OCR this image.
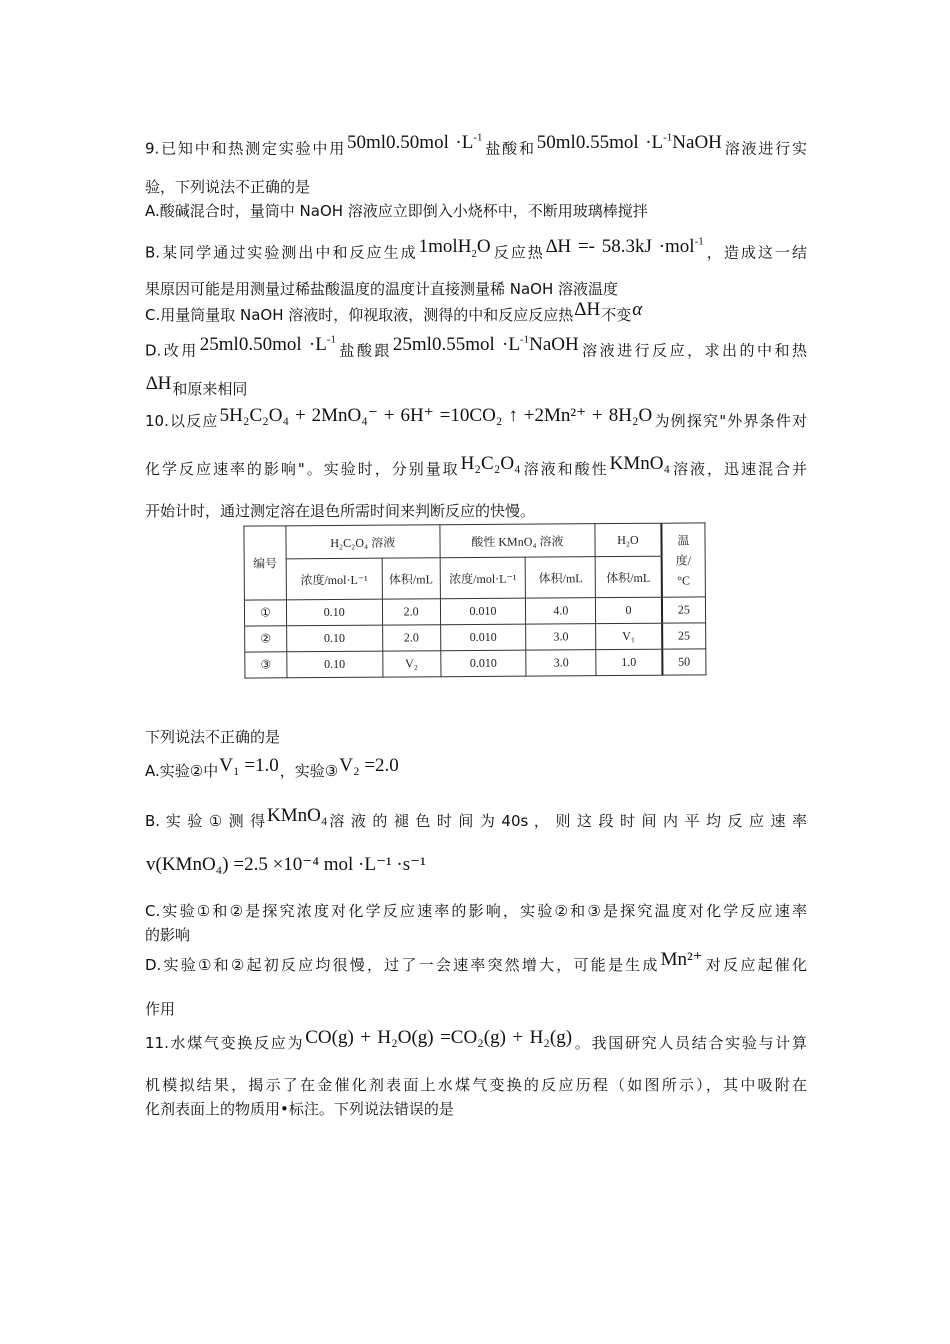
9.已知中和热测定实验中用$50ml0.50mol \cdot L^{-1}$盐酸和$50ml0.55mol \cdot L^{-1}NaOH$溶液进行实
验，下列说法不正确的是
A.酸碱混合时，量筒中 NaOH 溶液应立即倒入小烧杯中，不断用玻璃棒搅拌
B.某同学通过实验测出中和反应生成1molH$_2$O反应热∆H =- 58.3kJ ·mol$^{-1}$，造成这一结
果原因可能是用测量过稀盐酸温度的温度计直接测量稀 NaOH 溶液温度
C.用量筒量取 NaOH 溶液时，仰视取液，测得的中和反应反应热ΔH不变α
D.改用$25ml0.50mol \cdot L^{-1}$盐酸跟$25ml0.55mol \cdot L^{-1}NaOH$溶液进行反应，求出的中和热
∆H和原来相同
10.以反应5H₂C₂O₄ + 2MnO₄⁻ + 6H⁺ =10CO₂ ↑ +2Mn²⁺ + 8H₂O为例探究"外界条件对
化学反应速率的影响"。实验时，分别量取H₂C₂O₄溶液和酸性KMnO₄溶液，迅速混合并
开始计时，通过测定溶在退色所需时间来判断反应的快慢。
编号	H₂C₂O₄ 溶液		酸性 KMnO₄ 溶液		H₂O	温度/°C

	浓度/mol·L⁻¹	体积/mL	浓度/mol·L⁻¹	体积/mL	体积/mL	
①	0.10	2.0	0.010	4.0	0	25
②	0.10	2.0	0.010	3.0	V₁	25
③	0.10	V₂	0.010	3.0	1.0	50
下列说法不正确的是
A.实验②中V₁ =1.0，实验③V₂ =2.0
B. 实 验 ① 测 得KMnO₄溶 液 的 褪 色 时 间 为 40s ， 则 这 段 时 间 内 平 均 反 应 速 率
v(KMnO₄) =2.5 ×10⁻⁴ mol ·L⁻¹ ·s⁻¹
C.实验①和②是探究浓度对化学反应速率的影响，实验②和③是探究温度对化学反应速率
的影响
D.实验①和②起初反应均很慢，过了一会速率突然增大，可能是生成Mn²⁺对反应起催化
作用
11.水煤气变换反应为CO(g) + H₂O(g) =CO₂(g) + H₂(g)。我国研究人员结合实验与计算
机模拟结果，揭示了在金催化剂表面上水煤气变换的反应历程（如图所示），其中吸附在
化剂表面上的物质用•标注。下列说法错误的是
